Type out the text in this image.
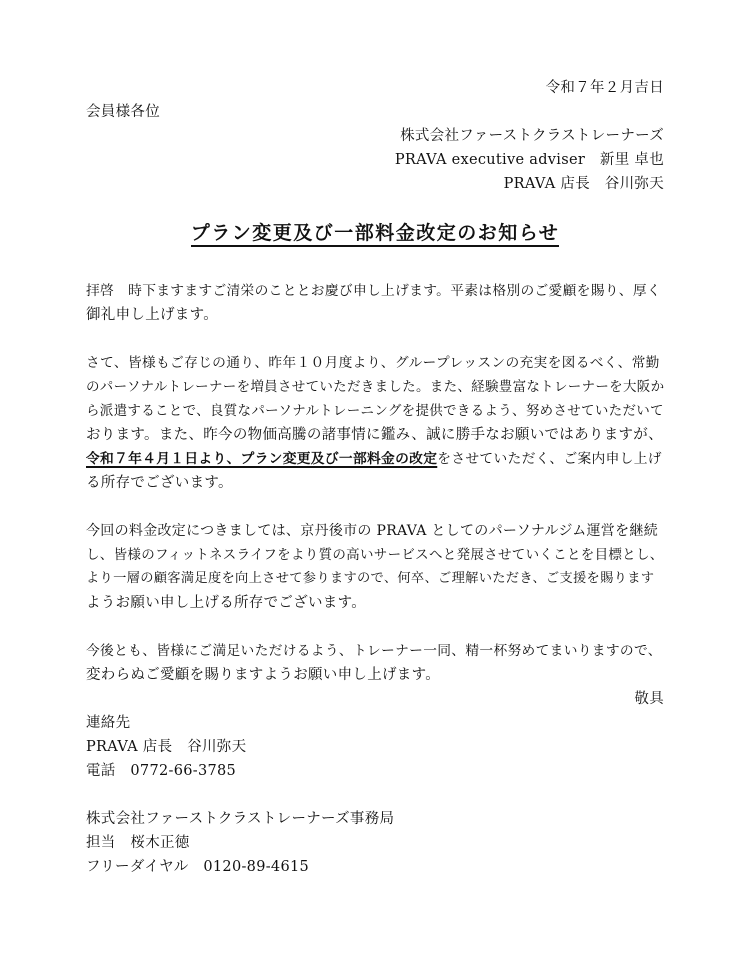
令和７年２月吉日
会員様各位
株式会社ファーストクラストレーナーズ
PRAVA executive adviser　新里 卓也
PRAVA 店長　谷川弥天
プラン変更及び一部料金改定のお知らせ
拝啓　時下ますますご清栄のこととお慶び申し上げます。平素は格別のご愛顧を賜り、厚く
御礼申し上げます。
さて、皆様もご存じの通り、昨年１０月度より、グループレッスンの充実を図るべく、常勤
のパーソナルトレーナーを増員させていただきました。また、経験豊富なトレーナーを大阪か
ら派遣することで、良質なパーソナルトレーニングを提供できるよう、努めさせていただいて
おります。また、昨今の物価高騰の諸事情に鑑み、誠に勝手なお願いではありますが、
令和７年４月１日より、プラン変更及び一部料金の改定をさせていただく、ご案内申し上げ
る所存でございます。
今回の料金改定につきましては、京丹後市の PRAVA としてのパーソナルジム運営を継続
し、皆様のフィットネスライフをより質の高いサービスへと発展させていくことを目標とし、
より一層の顧客満足度を向上させて参りますので、何卒、ご理解いただき、ご支援を賜ります
ようお願い申し上げる所存でございます。
今後とも、皆様にご満足いただけるよう、トレーナー一同、精一杯努めてまいりますので、
変わらぬご愛顧を賜りますようお願い申し上げます。
敬具
連絡先
PRAVA 店長　谷川弥天
電話　0772-66-3785
株式会社ファーストクラストレーナーズ事務局
担当　桜木正徳
フリーダイヤル　0120-89-4615
